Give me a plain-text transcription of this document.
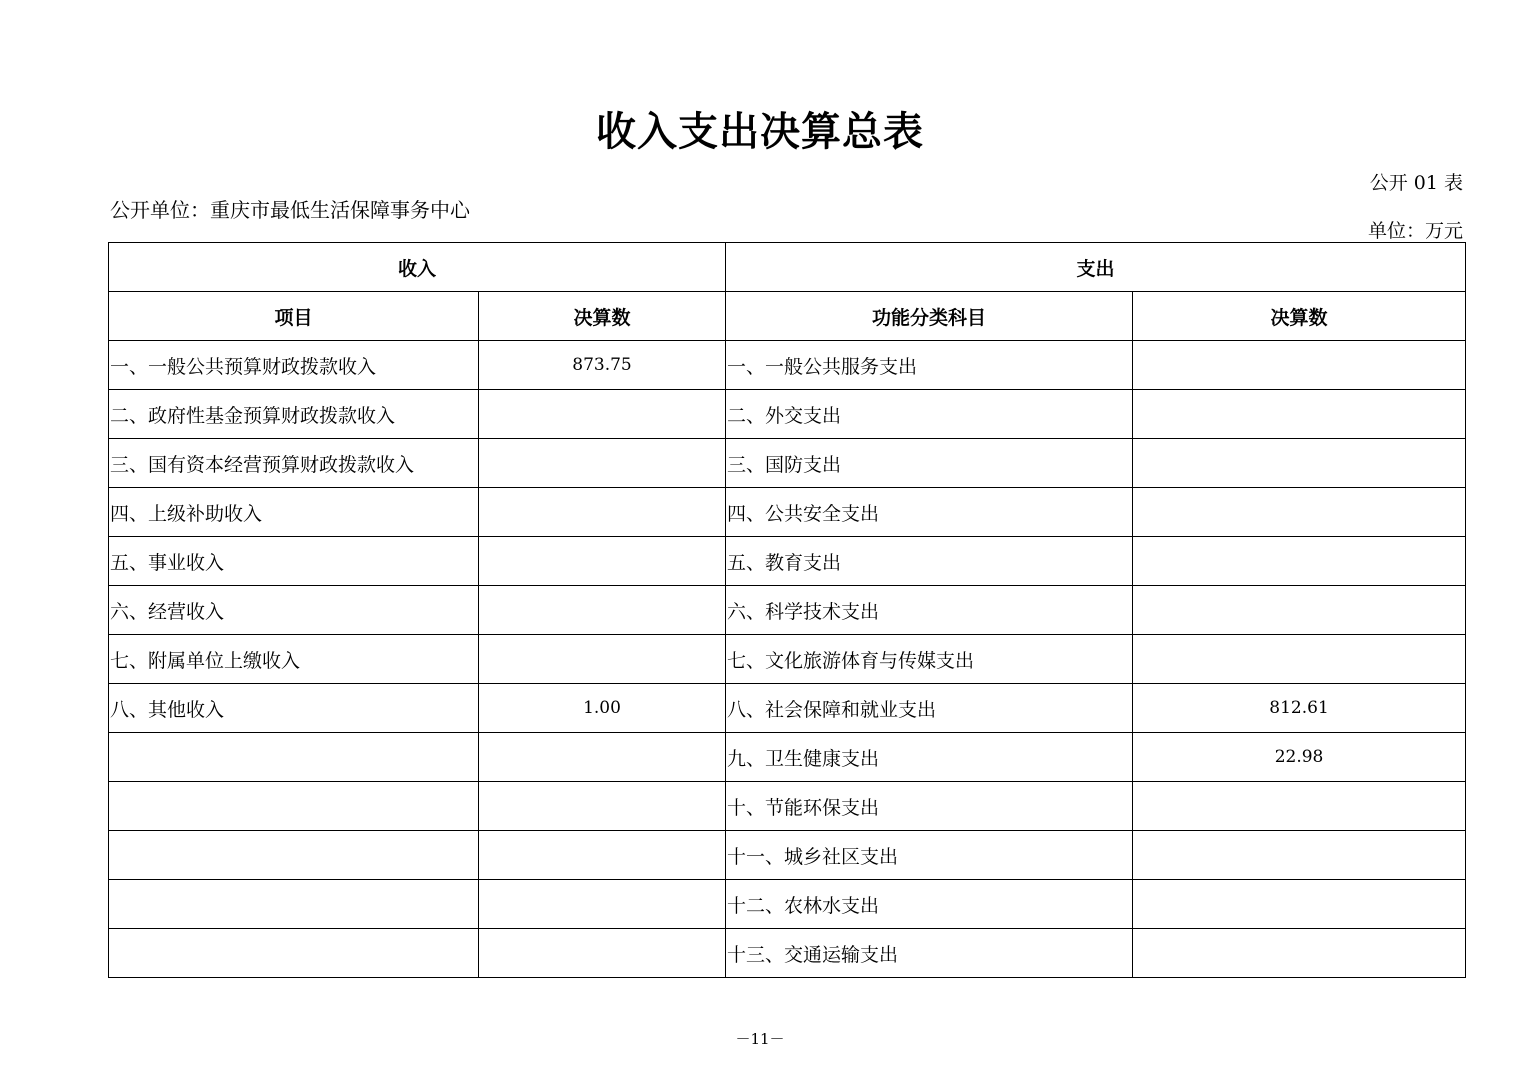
收入支出决算总表
公开 01 表
公开单位：重庆市最低生活保障事务中心
单位：万元
收入		支出	
项目	决算数	功能分类科目	决算数
一、一般公共预算财政拨款收入	873.75	一、一般公共服务支出	
二、政府性基金预算财政拨款收入		二、外交支出	
三、国有资本经营预算财政拨款收入		三、国防支出	
四、上级补助收入		四、公共安全支出	
五、事业收入		五、教育支出	
六、经营收入		六、科学技术支出	
七、附属单位上缴收入		七、文化旅游体育与传媒支出	
八、其他收入	1.00	八、社会保障和就业支出	812.61
		九、卫生健康支出	22.98
		十、节能环保支出	
		十一、城乡社区支出	
		十二、农林水支出	
		十三、交通运输支出	
－11－
